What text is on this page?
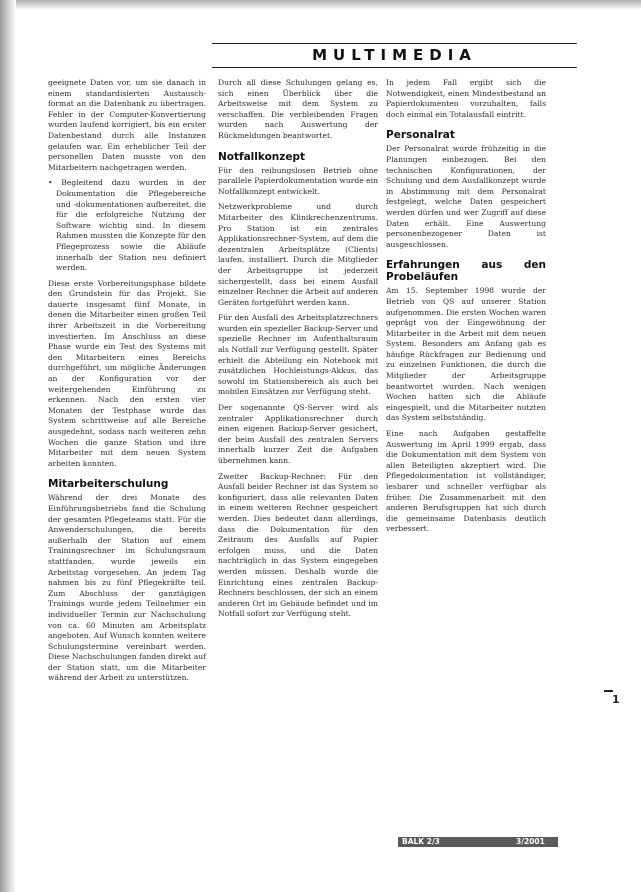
MULTIMEDIA

geeignete Daten vor, um sie danach in einem standardisierten Austausch-format an die Datenbank zu übertragen. Fehler in der Computer-Konvertierung wurden laufend korrigiert, bis ein erster Datenbestand durch alle Instanzen gelaufen war. Ein erheblicher Teil der personellen Daten musste von den Mitarbeitern nachgetragen werden.

• Begleitend dazu wurden in der Dokumentation die Pflegebereiche und -dokumentationen aufbereitet, die für die erfolgreiche Nutzung der Software wichtig sind. In diesem Rahmen mussten die Konzepte für den Pflegeprozess sowie die Abläufe innerhalb der Station neu definiert werden.

Diese erste Vorbereitungsphase bildete den Grundstein für das Projekt. Sie dauerte insgesamt fünf Monate, in denen die Mitarbeiter einen großen Teil ihrer Arbeitszeit in die Vorbereitung investierten. Im Anschluss an diese Phase wurde ein Test des Systems mit den Mitarbeitern eines Bereichs durchgeführt, um mögliche Änderungen an der Konfiguration vor der weitergehenden Einführung zu erkennen. Nach den ersten vier Monaten der Testphase wurde das System schrittweise auf alle Bereiche ausgedehnt, sodass nach weiteren zehn Wochen die ganze Station und ihre Mitarbeiter mit dem neuen System arbeiten konnten.

Mitarbeiterschulung

Während der drei Monate des Einführungsbetriebs fand die Schulung der gesamten Pflegeteams statt. Für die Anwenderschulungen, die bereits außerhalb der Station auf einem Trainingsrechner im Schulungsraum stattfanden, wurde jeweils ein Arbeitstag vorgesehen. An jedem Tag nahmen bis zu fünf Pflegekräfte teil. Zum Abschluss der ganztägigen Trainings wurde jedem Teilnehmer ein individueller Termin zur Nachschulung von ca. 60 Minuten am Arbeitsplatz angeboten. Auf Wunsch konnten weitere Schulungstermine vereinbart werden. Diese Nachschulungen fanden direkt auf der Station statt, um die Mitarbeiter während der Arbeit zu unterstützen.

Durch all diese Schulungen gelang es, sich einen Überblick über die Arbeitsweise mit dem System zu verschaffen. Die verbleibenden Fragen wurden nach Auswertung der Rückmeldungen beantwortet.

Notfallkonzept

Für den reibungslosen Betrieb ohne parallele Papierdokumentation wurde ein Notfallkonzept entwickelt.

Netzwerkprobleme und durch Mitarbeiter des Klinikrechenzentrums. Pro Station ist ein zentrales Applikationsrechner-System, auf dem die dezentralen Arbeitsplätze (Clients) laufen, installiert. Durch die Mitglieder der Arbeitsgruppe ist jederzeit sichergestellt, dass bei einem Ausfall einzelner Rechner die Arbeit auf anderen Geräten fortgeführt werden kann.

Für den Ausfall des Arbeitsplatzrechners wurden ein spezieller Backup-Server und spezielle Rechner im Aufenthaltsraum als Notfall zur Verfügung gestellt. Später erhielt die Abteilung ein Notebook mit zusätzlichen Hochleistungs-Akkus, das sowohl im Stationsbereich als auch bei mobilen Einsätzen zur Verfügung steht.

Der sogenannte QS-Server wird als zentraler Applikationsrechner durch einen eigenen Backup-Server gesichert, der beim Ausfall des zentralen Servers innerhalb kurzer Zeit die Aufgaben übernehmen kann.

Zweiter Backup-Rechner: Für den Ausfall beider Rechner ist das System so konfiguriert, dass alle relevanten Daten in einem weiteren Rechner gespeichert werden. Dies bedeutet dann allerdings, dass die Dokumentation für den Zeitraum des Ausfalls auf Papier erfolgen muss, und die Daten nachträglich in das System eingegeben werden müssen. Deshalb wurde die Einrichtung eines zentralen Backup-Rechners beschlossen, der sich an einem anderen Ort im Gebäude befindet und im Notfall sofort zur Verfügung steht.

In jedem Fall ergibt sich die Notwendigkeit, einen Mindestbestand an Papierdokumenten vorzuhalten, falls doch einmal ein Totalausfall eintritt.

Personalrat

Der Personalrat wurde frühzeitig in die Planungen einbezogen. Bei den technischen Konfigurationen, der Schulung und dem Ausfallkonzept wurde in Abstimmung mit dem Personalrat festgelegt, welche Daten gespeichert werden dürfen und wer Zugriff auf diese Daten erhält. Eine Auswertung personenbezogener Daten ist ausgeschlossen.

Erfahrungen aus den Probeläufen

Am 15. September 1998 wurde der Betrieb von QS auf unserer Station aufgenommen. Die ersten Wochen waren geprägt von der Eingewöhnung der Mitarbeiter in die Arbeit mit dem neuen System. Besonders am Anfang gab es häufige Rückfragen zur Bedienung und zu einzelnen Funktionen, die durch die Mitglieder der Arbeitsgruppe beantwortet wurden. Nach wenigen Wochen hatten sich die Abläufe eingespielt, und die Mitarbeiter nutzten das System selbstständig.

Eine nach Aufgaben gestaffelte Auswertung im April 1999 ergab, dass die Dokumentation mit dem System von allen Beteiligten akzeptiert wird. Die Pflegedokumentation ist vollständiger, lesbarer und schneller verfügbar als früher. Die Zusammenarbeit mit den anderen Berufsgruppen hat sich durch die gemeinsame Datenbasis deutlich verbessert.

1
BALK 2/3	3/2001
